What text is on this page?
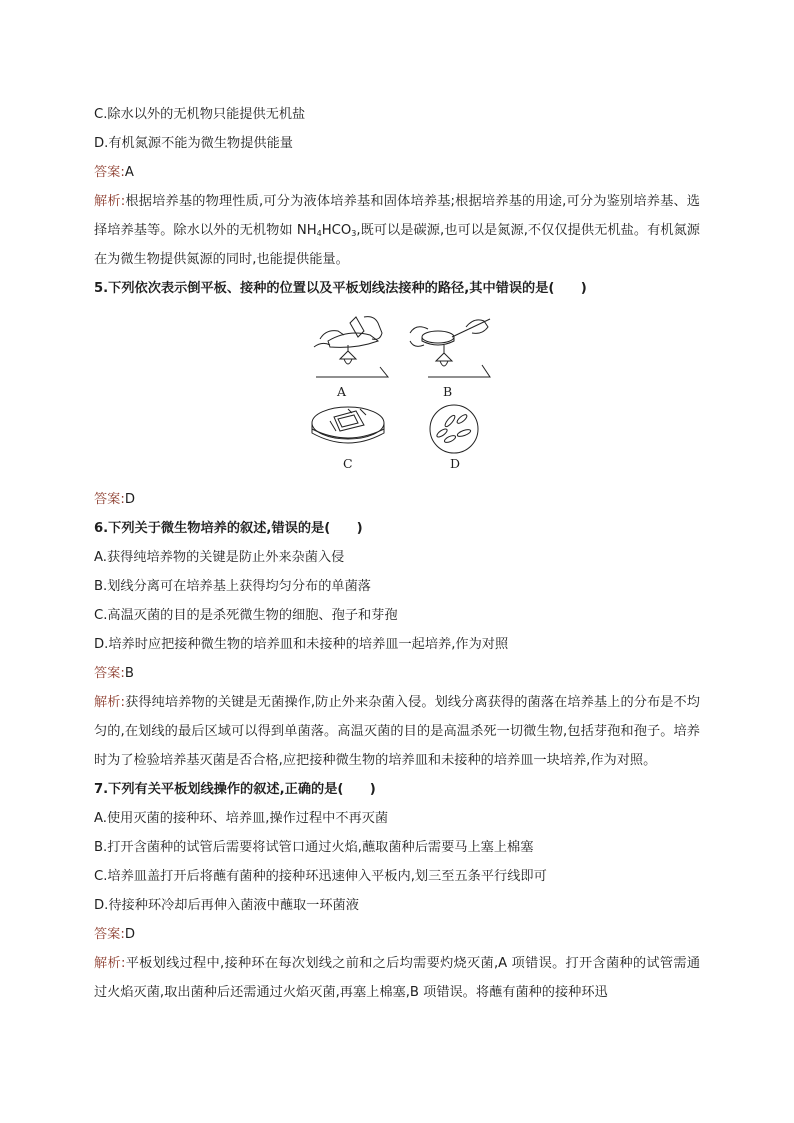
C.除水以外的无机物只能提供无机盐

D.有机氮源不能为微生物提供能量

答案:A

解析:根据培养基的物理性质,可分为液体培养基和固体培养基;根据培养基的用途,可分为鉴别培养基、选择培养基等。除水以外的无机物如 $NH_4HCO_3$,既可以是碳源,也可以是氮源,不仅仅提供无机盐。有机氮源在为微生物提供氮源的同时,也能提供能量。

5.下列依次表示倒平板、接种的位置以及平板划线法接种的路径,其中错误的是(　　)

A	B
C	D

答案:D

6.下列关于微生物培养的叙述,错误的是(　　)

A.获得纯培养物的关键是防止外来杂菌入侵

B.划线分离可在培养基上获得均匀分布的单菌落

C.高温灭菌的目的是杀死微生物的细胞、孢子和芽孢

D.培养时应把接种微生物的培养皿和未接种的培养皿一起培养,作为对照

答案:B

解析:获得纯培养物的关键是无菌操作,防止外来杂菌入侵。划线分离获得的菌落在培养基上的分布是不均匀的,在划线的最后区域可以得到单菌落。高温灭菌的目的是高温杀死一切微生物,包括芽孢和孢子。培养时为了检验培养基灭菌是否合格,应把接种微生物的培养皿和未接种的培养皿一块培养,作为对照。

7.下列有关平板划线操作的叙述,正确的是(　　)

A.使用灭菌的接种环、培养皿,操作过程中不再灭菌

B.打开含菌种的试管后需要将试管口通过火焰,蘸取菌种后需要马上塞上棉塞

C.培养皿盖打开后将蘸有菌种的接种环迅速伸入平板内,划三至五条平行线即可

D.待接种环冷却后再伸入菌液中蘸取一环菌液

答案:D

解析:平板划线过程中,接种环在每次划线之前和之后均需要灼烧灭菌,A 项错误。打开含菌种的试管需通过火焰灭菌,取出菌种后还需通过火焰灭菌,再塞上棉塞,B 项错误。将蘸有菌种的接种环迅
